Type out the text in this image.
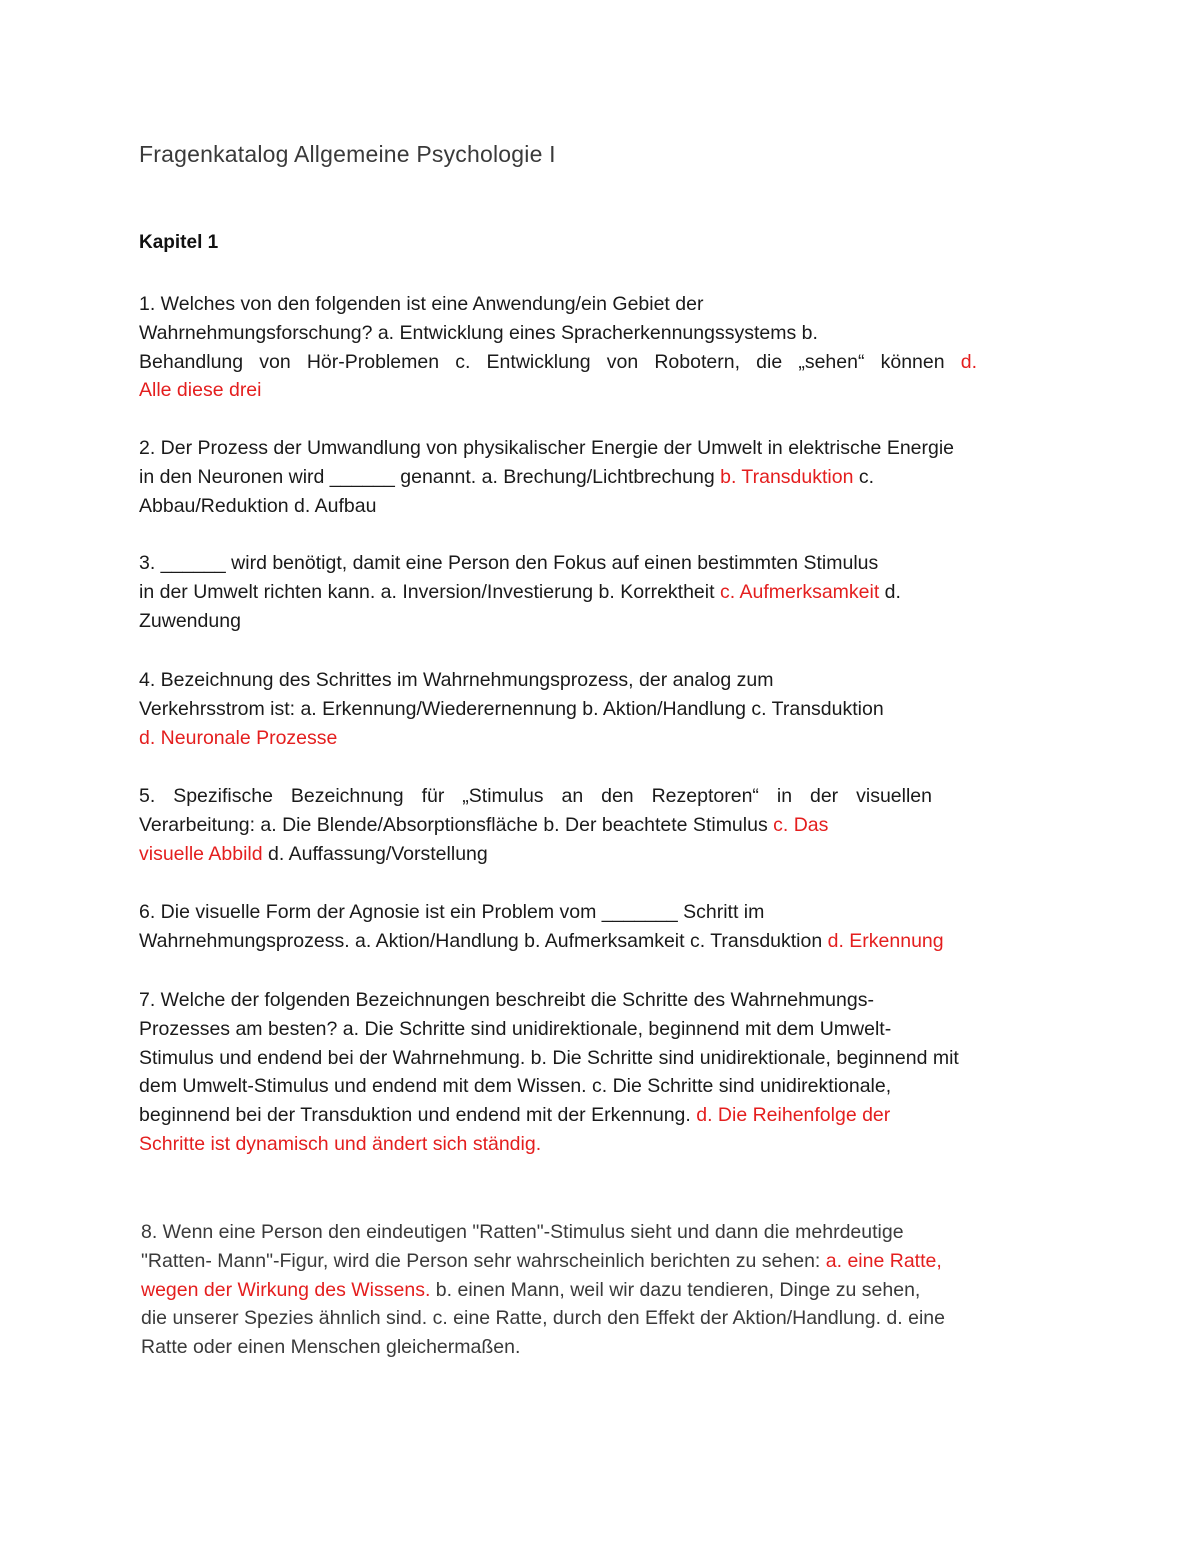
Fragenkatalog Allgemeine Psychologie I
Kapitel 1

1. Welches von den folgenden ist eine Anwendung/ein Gebiet der
Wahrnehmungsforschung? a. Entwicklung eines Spracherkennungssystems b.
Behandlung von Hör-Problemen c. Entwicklung von Robotern, die „sehen“ können d.
Alle diese drei

2. Der Prozess der Umwandlung von physikalischer Energie der Umwelt in elektrische Energie
in den Neuronen wird ______ genannt. a. Brechung/Lichtbrechung b. Transduktion c.
Abbau/Reduktion d. Aufbau

3. ______ wird benötigt, damit eine Person den Fokus auf einen bestimmten Stimulus
in der Umwelt richten kann. a. Inversion/Investierung b. Korrektheit c. Aufmerksamkeit d.
Zuwendung

4. Bezeichnung des Schrittes im Wahrnehmungsprozess, der analog zum
Verkehrsstrom ist: a. Erkennung/Wiederernennung b. Aktion/Handlung c. Transduktion
d. Neuronale Prozesse

5. Spezifische Bezeichnung für „Stimulus an den Rezeptoren“ in der visuellen
Verarbeitung: a. Die Blende/Absorptionsfläche b. Der beachtete Stimulus c. Das
visuelle Abbild d. Auffassung/Vorstellung

6. Die visuelle Form der Agnosie ist ein Problem vom _______ Schritt im
Wahrnehmungsprozess. a. Aktion/Handlung b. Aufmerksamkeit c. Transduktion d. Erkennung

7. Welche der folgenden Bezeichnungen beschreibt die Schritte des Wahrnehmungs-
Prozesses am besten? a. Die Schritte sind unidirektionale, beginnend mit dem Umwelt-
Stimulus und endend bei der Wahrnehmung. b. Die Schritte sind unidirektionale, beginnend mit
dem Umwelt-Stimulus und endend mit dem Wissen. c. Die Schritte sind unidirektionale,
beginnend bei der Transduktion und endend mit der Erkennung. d. Die Reihenfolge der
Schritte ist dynamisch und ändert sich ständig.

8. Wenn eine Person den eindeutigen "Ratten"-Stimulus sieht und dann die mehrdeutige
"Ratten- Mann"-Figur, wird die Person sehr wahrscheinlich berichten zu sehen: a. eine Ratte,
wegen der Wirkung des Wissens. b. einen Mann, weil wir dazu tendieren, Dinge zu sehen,
die unserer Spezies ähnlich sind. c. eine Ratte, durch den Effekt der Aktion/Handlung. d. eine
Ratte oder einen Menschen gleichermaßen.
